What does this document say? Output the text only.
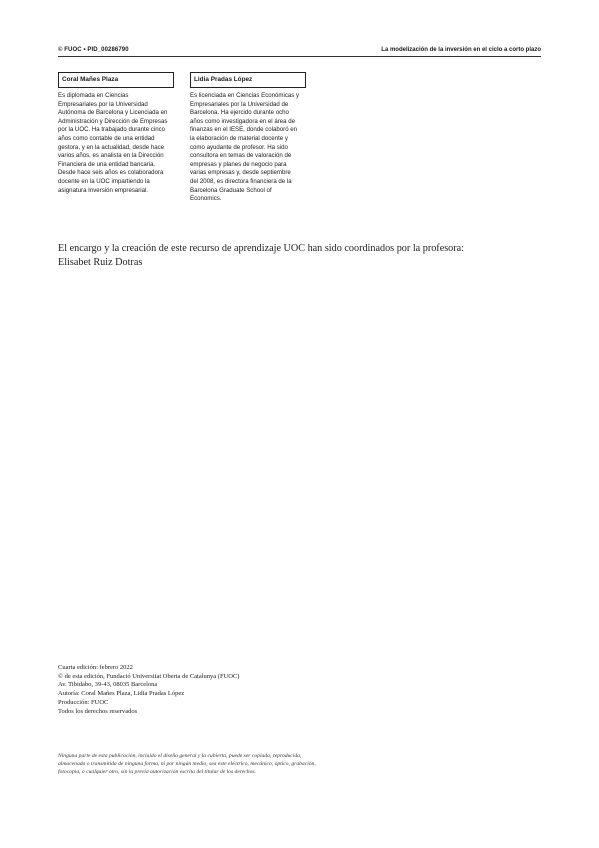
© FUOC • PID_00286790	La modelización de la inversión en el ciclo a corto plazo
Coral Mañes Plaza
Es diplomada en Ciencias Empresariales por la Universidad Autónoma de Barcelona y Licenciada en Administración y Dirección de Empresas por la UOC. Ha trabajado durante cinco años como contable de una entidad gestora, y en la actualidad, desde hace varios años, es analista en la Dirección Financiera de una entidad bancaria. Desde hace seis años es colaboradora docente en la UOC impartiendo la asignatura Inversión empresarial.
Lidia Pradas López
Es licenciada en Ciencias Económicas y Empresariales por la Universidad de Barcelona. Ha ejercido durante ocho años como investigadora en el área de finanzas en el IESE, donde colaboró en la elaboración de material docente y como ayudante de profesor. Ha sido consultora en temas de valoración de empresas y planes de negocio para varias empresas y, desde septiembre del 2008, es directora financiera de la Barcelona Graduate School of Economics.
El encargo y la creación de este recurso de aprendizaje UOC han sido coordinados por la profesora: Elisabet Ruiz Dotras
Cuarta edición: febrero 2022
© de esta edición, Fundació Universitat Oberta de Catalunya (FUOC)
Av. Tibidabo, 39-43, 08035 Barcelona
Autoría: Coral Mañes Plaza, Lidia Pradas López
Producción: FUOC
Todos los derechos reservados
Ninguna parte de esta publicación, incluido el diseño general y la cubierta, puede ser copiada, reproducida, almacenada o transmitida de ninguna forma, ni por ningún medio, sea este eléctrico, mecánico, óptico, grabación, fotocopia, o cualquier otro, sin la previa autorización escrita del titular de los derechos.
